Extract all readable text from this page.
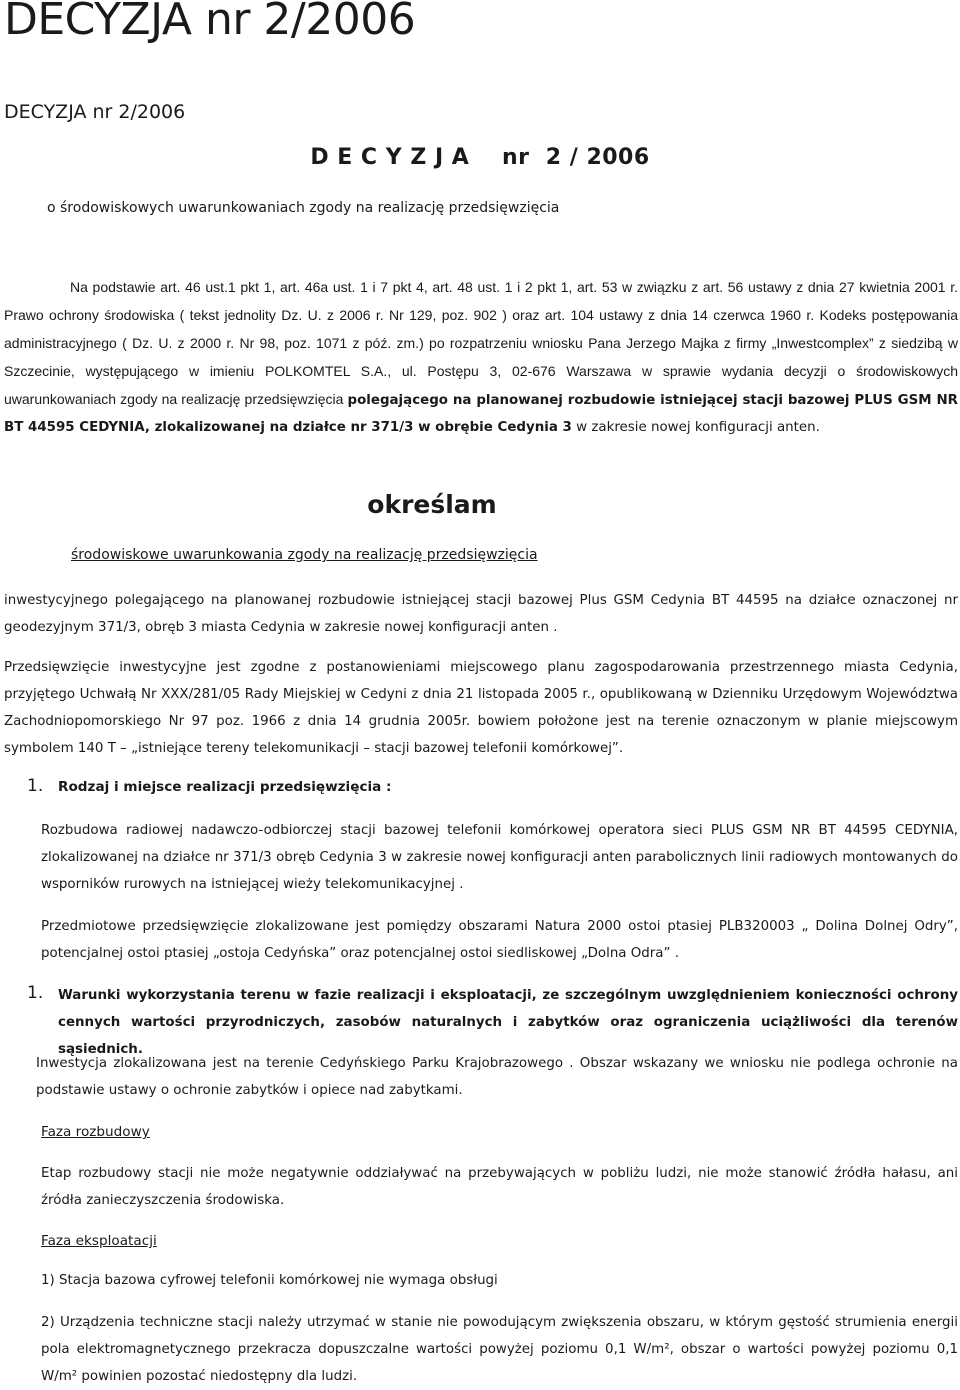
DECYZJA nr 2/2006
DECYZJA nr 2/2006
D E C Y Z J A    nr  2 / 2006
o środowiskowych uwarunkowaniach zgody na realizację przedsięwzięcia

Na podstawie art. 46 ust.1 pkt 1, art. 46a ust. 1 i 7 pkt 4, art. 48 ust. 1 i 2 pkt 1, art. 53 w związku z art. 56 ustawy z dnia 27 kwietnia 2001 r. Prawo ochrony środowiska ( tekst jednolity Dz. U. z 2006 r. Nr 129, poz. 902 ) oraz art. 104 ustawy z dnia 14 czerwca 1960 r. Kodeks postępowania administracyjnego ( Dz. U. z 2000 r. Nr 98, poz. 1071 z póź. zm.) po rozpatrzeniu wniosku Pana Jerzego Majka z firmy „Inwestcomplex” z siedzibą w Szczecinie, występującego w imieniu POLKOMTEL S.A., ul. Postępu 3, 02-676 Warszawa w sprawie wydania decyzji o środowiskowych uwarunkowaniach zgody na realizację przedsięwzięcia polegającego na planowanej rozbudowie istniejącej stacji bazowej PLUS GSM NR BT 44595 CEDYNIA, zlokalizowanej na działce nr 371/3 w obrębie Cedynia 3 w zakresie nowej konfiguracji anten.

określam
środowiskowe uwarunkowania zgody na realizację przedsięwzięcia

inwestycyjnego polegającego na planowanej rozbudowie istniejącej stacji bazowej Plus GSM Cedynia BT 44595 na działce oznaczonej nr geodezyjnym 371/3, obręb 3 miasta Cedynia w zakresie nowej konfiguracji anten .

Przedsięwzięcie inwestycyjne jest zgodne z postanowieniami miejscowego planu zagospodarowania przestrzennego miasta Cedynia, przyjętego Uchwałą Nr XXX/281/05 Rady Miejskiej w Cedyni z dnia 21 listopada 2005 r., opublikowaną w Dzienniku Urzędowym Województwa Zachodniopomorskiego Nr 97 poz. 1966 z dnia 14 grudnia 2005r. bowiem położone jest na terenie oznaczonym w planie miejscowym symbolem 140 T – „istniejące tereny telekomunikacji – stacji bazowej telefonii komórkowej”.

1. Rodzaj i miejsce realizacji przedsięwzięcia :

Rozbudowa radiowej nadawczo-odbiorczej stacji bazowej telefonii komórkowej operatora sieci PLUS GSM NR BT 44595 CEDYNIA, zlokalizowanej na działce nr 371/3 obręb Cedynia 3 w zakresie nowej konfiguracji anten parabolicznych linii radiowych montowanych do wsporników rurowych na istniejącej wieży telekomunikacyjnej .

Przedmiotowe przedsięwzięcie zlokalizowane jest pomiędzy obszarami Natura 2000 ostoi ptasiej PLB320003 „ Dolina Dolnej Odry”, potencjalnej ostoi ptasiej „ostoja Cedyńska” oraz potencjalnej ostoi siedliskowej „Dolna Odra” .

1. Warunki wykorzystania terenu w fazie realizacji i eksploatacji, ze szczególnym uwzględnieniem konieczności ochrony cennych wartości przyrodniczych, zasobów naturalnych i zabytków oraz ograniczenia uciążliwości dla terenów sąsiednich.

Inwestycja zlokalizowana jest na terenie Cedyńskiego Parku Krajobrazowego . Obszar wskazany we wniosku nie podlega ochronie na podstawie ustawy o ochronie zabytków i opiece nad zabytkami.

Faza rozbudowy

Etap rozbudowy stacji nie może negatywnie oddziaływać na przebywających w pobliżu ludzi, nie może stanowić źródła hałasu, ani źródła zanieczyszczenia środowiska.

Faza eksploatacji
1) Stacja bazowa cyfrowej telefonii komórkowej nie wymaga obsługi

2) Urządzenia techniczne stacji należy utrzymać w stanie nie powodującym zwiększenia obszaru, w którym gęstość strumienia energii pola elektromagnetycznego przekracza dopuszczalne wartości powyżej poziomu 0,1 W/m², obszar o wartości powyżej poziomu 0,1 W/m² powinien pozostać niedostępny dla ludzi.
